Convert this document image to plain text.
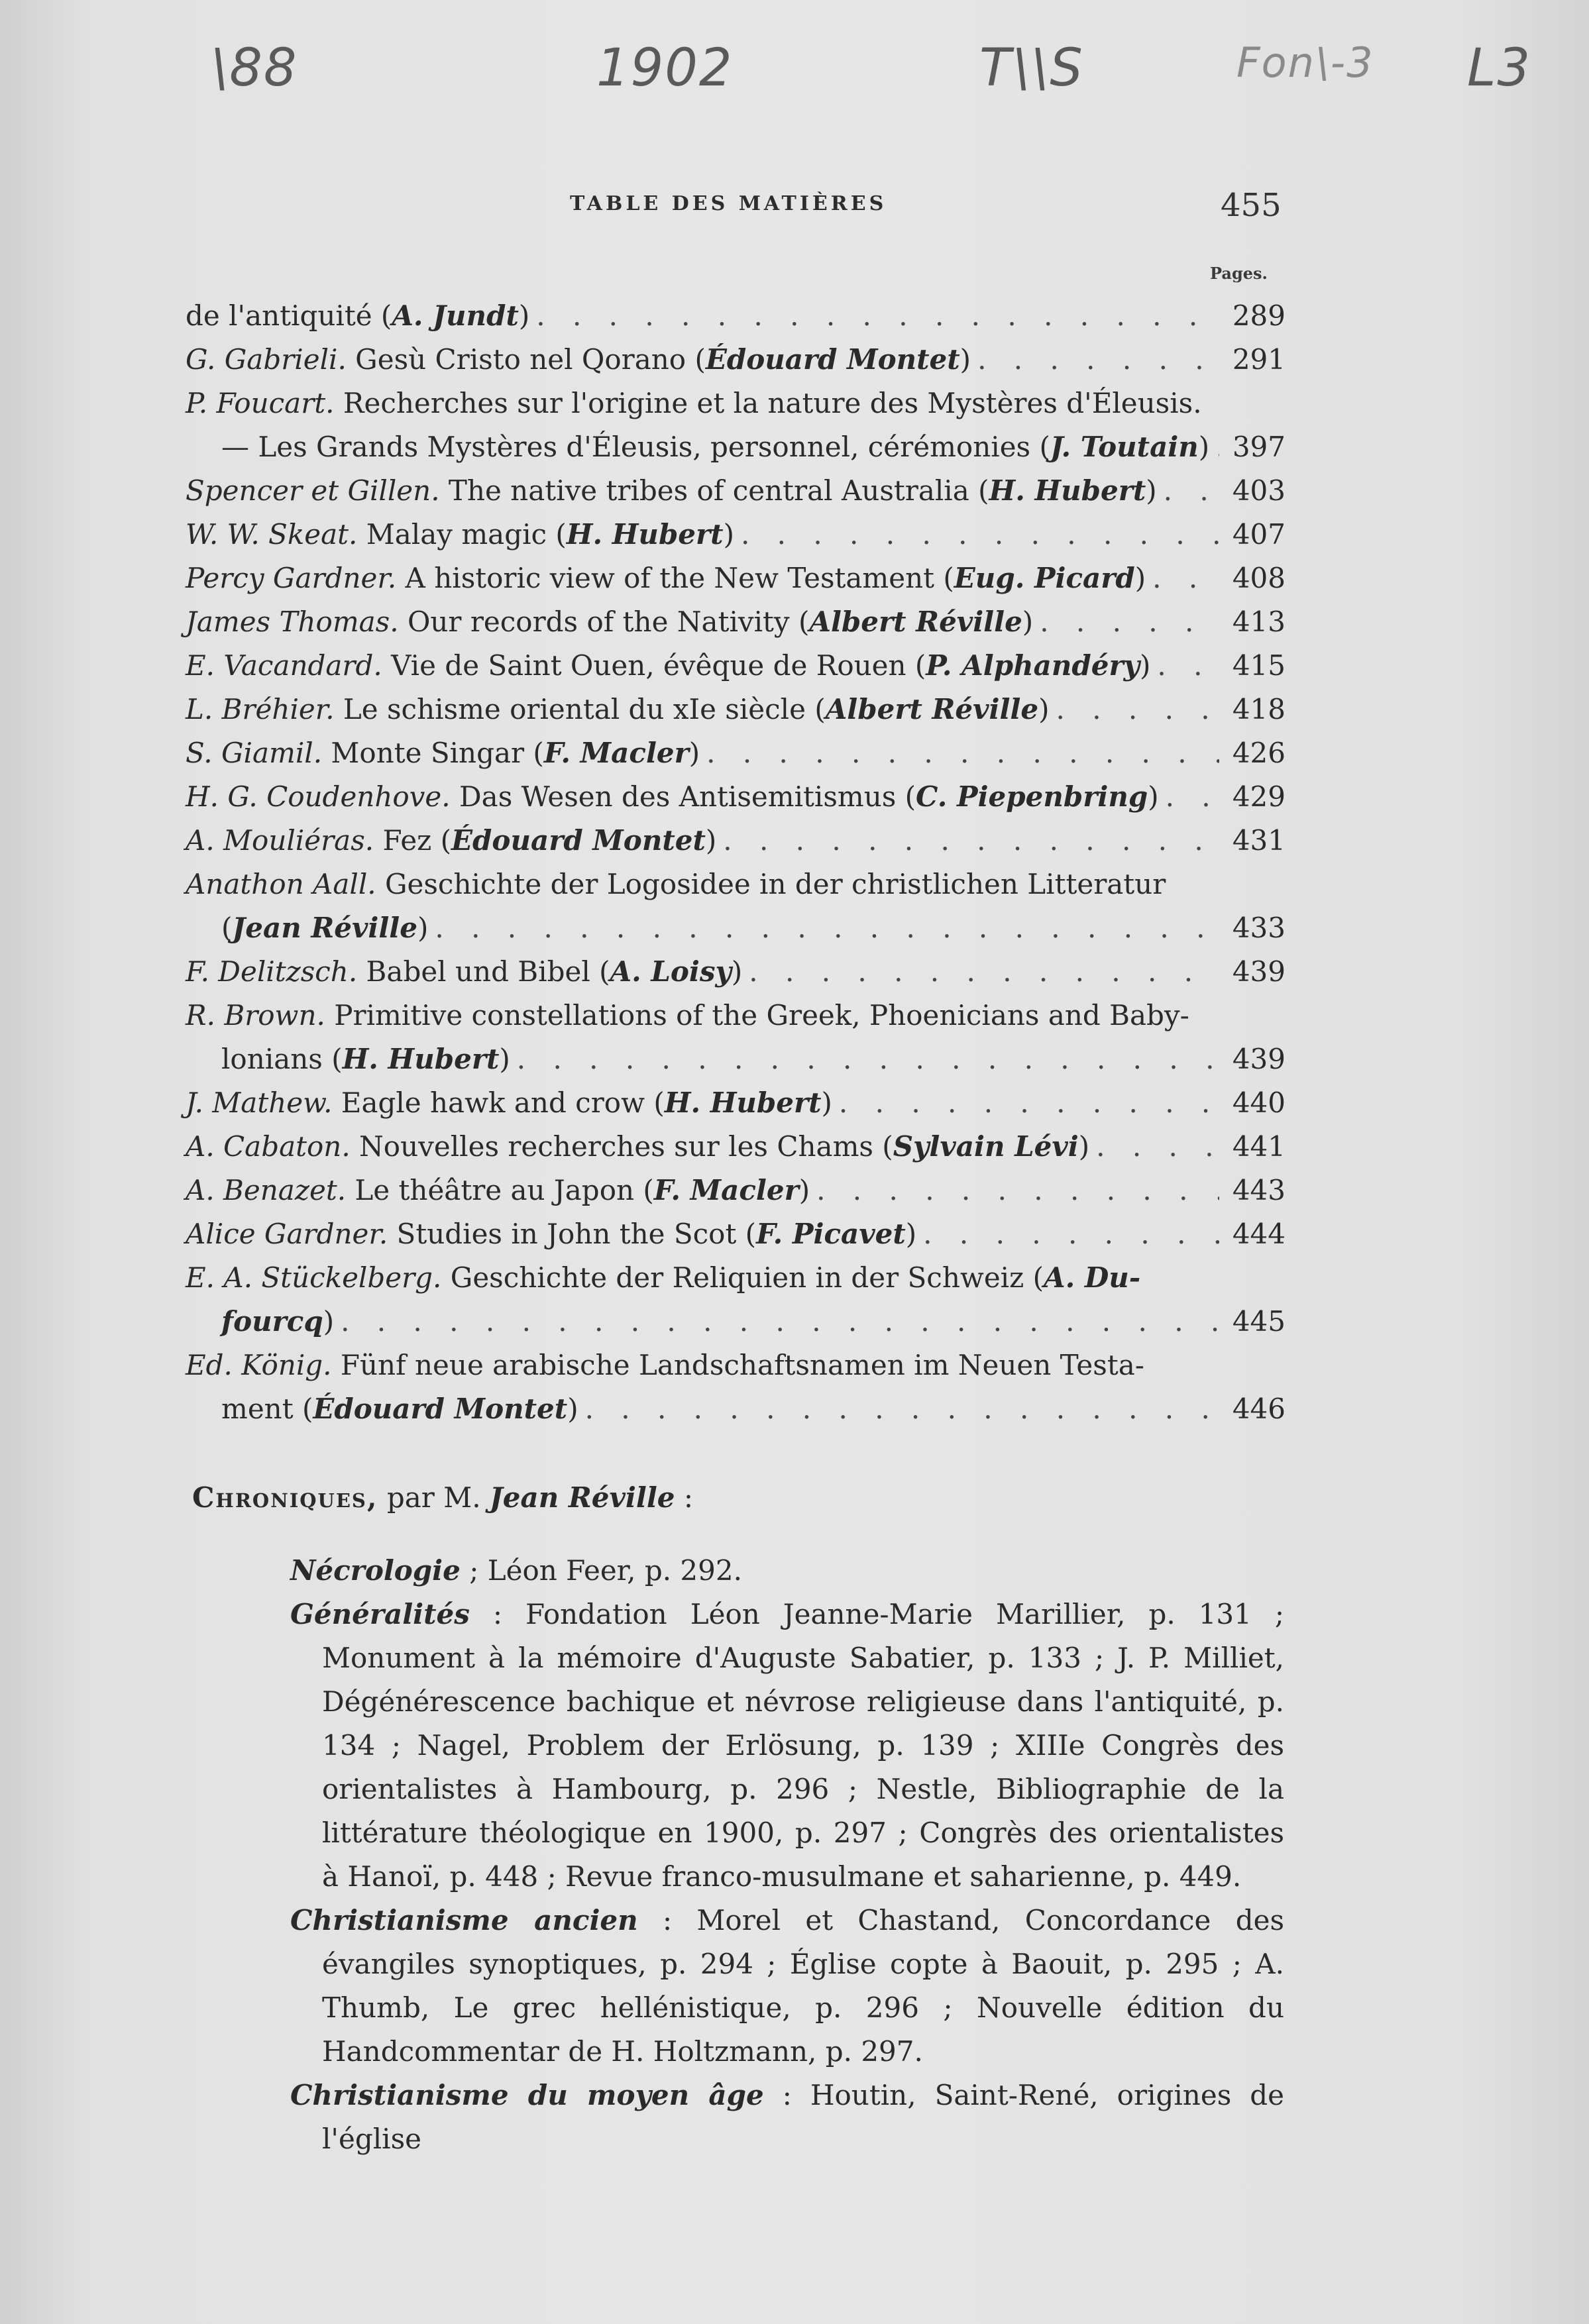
\88	1902	T\\S	Fon\-3 L3
TABLE DES MATIÈRES	455
Pages.
de l'antiquité (A. Jundt) . . .	289
G. Gabrieli. Gesù Cristo nel Qorano (Édouard Montet) . . .	291
P. Foucart. Recherches sur l'origine et la nature des Mystères d'Éleusis.
— Les Grands Mystères d'Éleusis, personnel, cérémonies (J. Toutain) . . . 397
Spencer et Gillen. The native tribes of central Australia (H. Hubert) . . .	403
W. W. Skeat. Malay magic (H. Hubert) . . .	407
Percy Gardner. A historic view of the New Testament (Eug. Picard) . . .	408
James Thomas. Our records of the Nativity (Albert Réville) . . .	413
E. Vacandard. Vie de Saint Ouen, évêque de Rouen (P. Alphandéry) . . .	415
L. Bréhier. Le schisme oriental du xIe siècle (Albert Réville) . . .	418
S. Giamil. Monte Singar (F. Macler) . . .	426
H. G. Coudenhove. Das Wesen des Antisemitismus (C. Piepenbring) . . .	429
A. Mouliéras. Fez (Édouard Montet) . . .	431
Anathon Aall. Geschichte der Logosidee in der christlichen Litteratur
(Jean Réville) . . .	433
F. Delitzsch. Babel und Bibel (A. Loisy) . . .	439
R. Brown. Primitive constellations of the Greek, Phoenicians and Baby-
lonians (H. Hubert) . . .	439
J. Mathew. Eagle hawk and crow (H. Hubert) . . .	440
A. Cabaton. Nouvelles recherches sur les Chams (Sylvain Lévi) . . .	441
A. Benazet. Le théâtre au Japon (F. Macler) . . .	443
Alice Gardner. Studies in John the Scot (F. Picavet) . . .	444
E. A. Stückelberg. Geschichte der Reliquien in der Schweiz (A. Du-
fourcq) . . .	445
Ed. König. Fünf neue arabische Landschaftsnamen im Neuen Testa-
ment (Édouard Montet) . . .	446
Chroniques, par M. Jean Réville :

Nécrologie ; Léon Feer, p. 292.

Généralités : Fondation Léon Jeanne-Marie Marillier, p. 131 ; Monument à la mémoire d'Auguste Sabatier, p. 133 ; J. P. Milliet, Dégénérescence bachique et névrose religieuse dans l'antiquité, p. 134 ; Nagel, Problem der Erlösung, p. 139 ; XIIIe Congrès des orientalistes à Hambourg, p. 296 ; Nestle, Bibliographie de la littérature théologique en 1900, p. 297 ; Congrès des orientalistes à Hanoï, p. 448 ; Revue franco-musulmane et saharienne, p. 449.

Christianisme ancien : Morel et Chastand, Concordance des évangiles synoptiques, p. 294 ; Église copte à Baouit, p. 295 ; A. Thumb, Le grec hellénistique, p. 296 ; Nouvelle édition du Handcommentar de H. Holtzmann, p. 297.

Christianisme du moyen âge : Houtin, Saint-René, origines de l'église
